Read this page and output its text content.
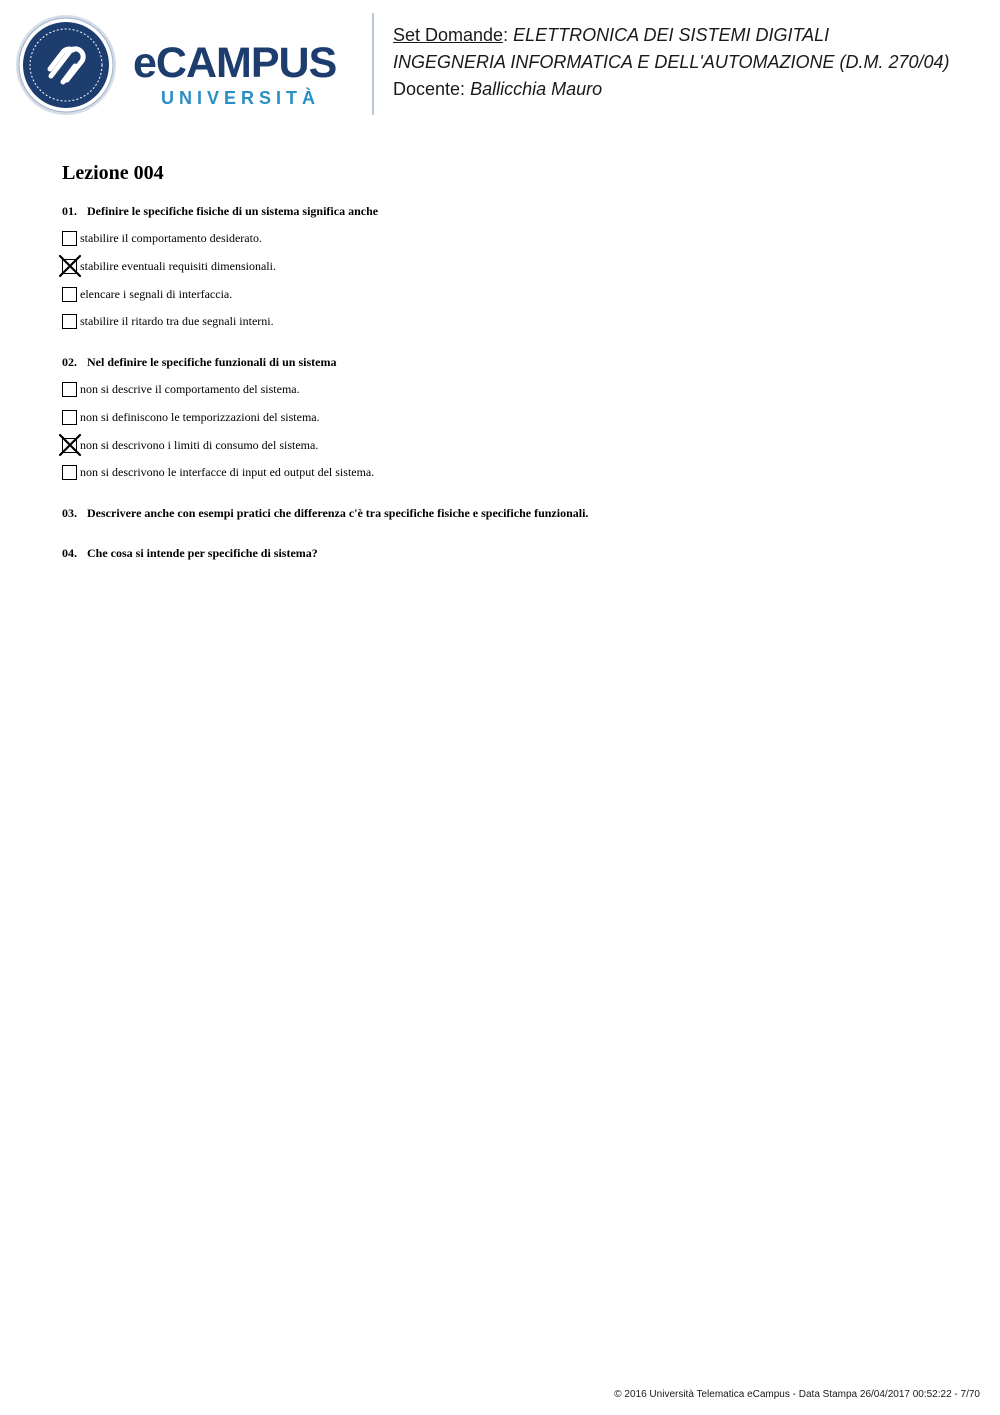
eCAMPUS
UNIVERSITÀ
Set Domande: ELETTRONICA DEI SISTEMI DIGITALI
INGEGNERIA INFORMATICA E DELL'AUTOMAZIONE (D.M. 270/04)
Docente: Ballicchia Mauro
Lezione 004
01. Definire le specifiche fisiche di un sistema significa anche
stabilire il comportamento desiderato.
stabilire eventuali requisiti dimensionali.
elencare i segnali di interfaccia.
stabilire il ritardo tra due segnali interni.
02. Nel definire le specifiche funzionali di un sistema
non si descrive il comportamento del sistema.
non si definiscono le temporizzazioni del sistema.
non si descrivono i limiti di consumo del sistema.
non si descrivono le interfacce di input ed output del sistema.
03. Descrivere anche con esempi pratici che differenza c'è tra specifiche fisiche e specifiche funzionali.
04. Che cosa si intende per specifiche di sistema?
© 2016 Università Telematica eCampus - Data Stampa 26/04/2017 00:52:22 - 7/70
